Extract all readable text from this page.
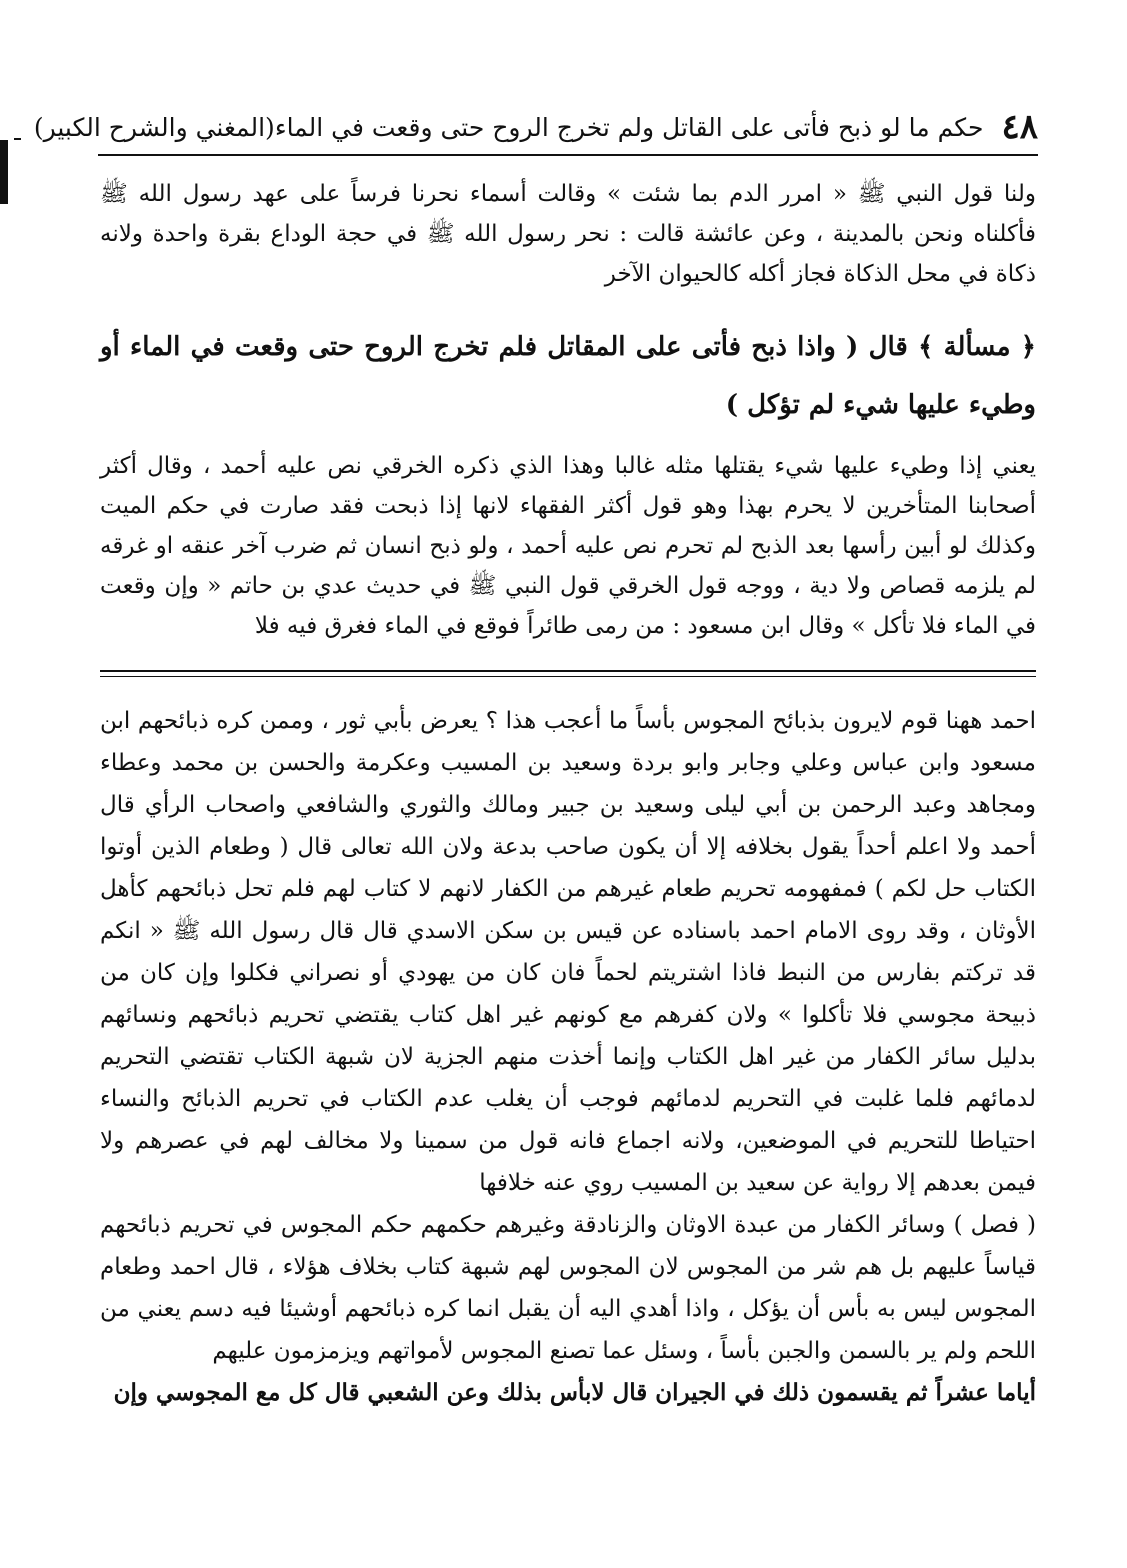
٤٨
حكم ما لو ذبح فأتى على القاتل ولم تخرج الروح حتى وقعت في الماء
(المغني والشرح الكبير)

ولنا قول النبي ﷺ « امرر الدم بما شئت » وقالت أسماء نحرنا فرساً على عهد رسول الله ﷺ فأكلناه ونحن بالمدينة ، وعن عائشة قالت : نحر رسول الله ﷺ في حجة الوداع بقرة واحدة ولانه ذكاة في محل الذكاة فجاز أكله كالحيوان الآخر

﴿ مسألة ﴾ قال ( واذا ذبح فأتى على المقاتل فلم تخرج الروح حتى وقعت في الماء أو وطيء عليها شيء لم تؤكل )

يعني إذا وطيء عليها شيء يقتلها مثله غالبا وهذا الذي ذكره الخرقي نص عليه أحمد ، وقال أكثر أصحابنا المتأخرين لا يحرم بهذا وهو قول أكثر الفقهاء لانها إذا ذبحت فقد صارت في حكم الميت وكذلك لو أبين رأسها بعد الذبح لم تحرم نص عليه أحمد ، ولو ذبح انسان ثم ضرب آخر عنقه او غرقه لم يلزمه قصاص ولا دية ، ووجه قول الخرقي قول النبي ﷺ في حديث عدي بن حاتم « وإن وقعت في الماء فلا تأكل » وقال ابن مسعود : من رمى طائراً فوقع في الماء فغرق فيه فلا

احمد ههنا قوم لايرون بذبائح المجوس بأساً ما أعجب هذا ؟ يعرض بأبي ثور ، وممن كره ذبائحهم ابن مسعود وابن عباس وعلي وجابر وابو بردة وسعيد بن المسيب وعكرمة والحسن بن محمد وعطاء ومجاهد وعبد الرحمن بن أبي ليلى وسعيد بن جبير ومالك والثوري والشافعي واصحاب الرأي قال أحمد ولا اعلم أحداً يقول بخلافه إلا أن يكون صاحب بدعة ولان الله تعالى قال ( وطعام الذين أوتوا الكتاب حل لكم ) فمفهومه تحريم طعام غيرهم من الكفار لانهم لا كتاب لهم فلم تحل ذبائحهم كأهل الأوثان ، وقد روى الامام احمد باسناده عن قيس بن سكن الاسدي قال قال رسول الله ﷺ « انكم قد تركتم بفارس من النبط فاذا اشتريتم لحماً فان كان من يهودي أو نصراني فكلوا وإن كان من ذبيحة مجوسي فلا تأكلوا » ولان كفرهم مع كونهم غير اهل كتاب يقتضي تحريم ذبائحهم ونسائهم بدليل سائر الكفار من غير اهل الكتاب وإنما أخذت منهم الجزية لان شبهة الكتاب تقتضي التحريم لدمائهم فلما غلبت في التحريم لدمائهم فوجب أن يغلب عدم الكتاب في تحريم الذبائح والنساء احتياطا للتحريم في الموضعين، ولانه اجماع فانه قول من سمينا ولا مخالف لهم في عصرهم ولا فيمن بعدهم إلا رواية عن سعيد بن المسيب روي عنه خلافها

( فصل ) وسائر الكفار من عبدة الاوثان والزنادقة وغيرهم حكمهم حكم المجوس في تحريم ذبائحهم قياساً عليهم بل هم شر من المجوس لان المجوس لهم شبهة كتاب بخلاف هؤلاء ، قال احمد وطعام المجوس ليس به بأس أن يؤكل ، واذا أهدي اليه أن يقبل انما كره ذبائحهم أوشيئا فيه دسم يعني من اللحم ولم ير بالسمن والجبن بأساً ، وسئل عما تصنع المجوس لأمواتهم ويزمزمون عليهم

أياما عشراً ثم يقسمون ذلك في الجيران قال لابأس بذلك وعن الشعبي قال كل مع المجوسي وإن
